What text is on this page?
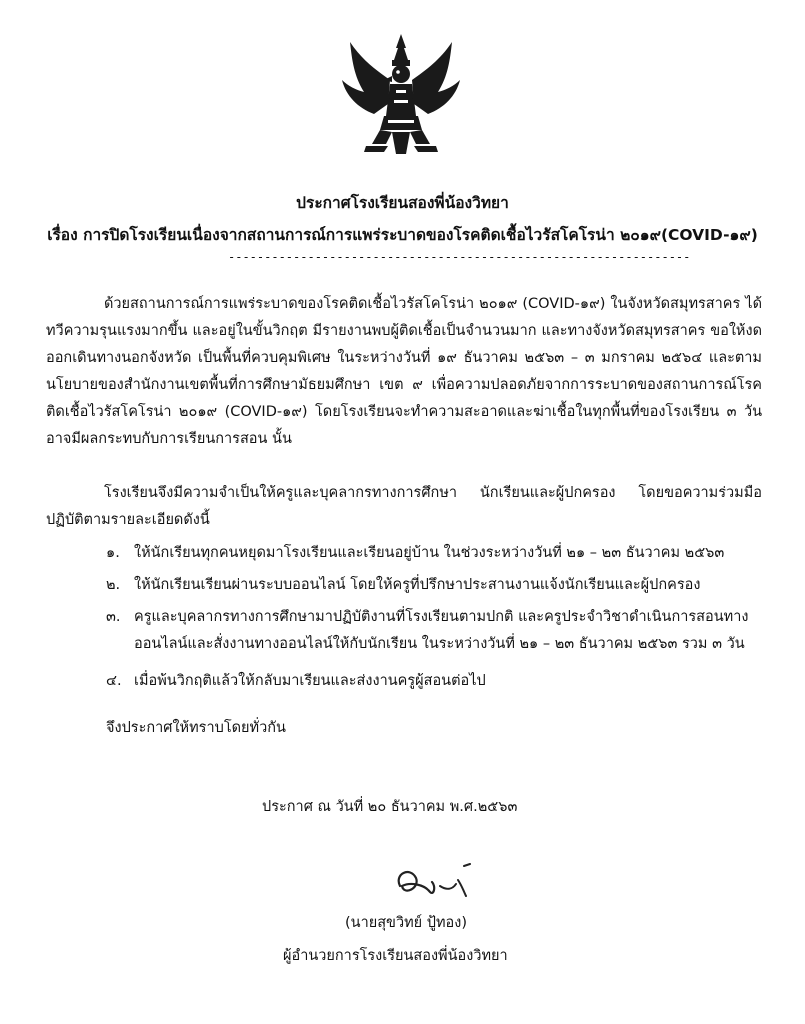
ประกาศโรงเรียนสองพี่น้องวิทยา
เรื่อง การปิดโรงเรียนเนื่องจากสถานการณ์การแพร่ระบาดของโรคติดเชื้อไวรัสโคโรน่า ๒๐๑๙(COVID-๑๙)
----------------------------------------------------------------
ด้วยสถานการณ์การแพร่ระบาดของโรคติดเชื้อไวรัสโคโรน่า ๒๐๑๙ (COVID-๑๙) ในจังหวัดสมุทรสาคร ได้ทวีความรุนแรงมากขึ้น และอยู่ในขั้นวิกฤต มีรายงานพบผู้ติดเชื้อเป็นจำนวนมาก และทางจังหวัดสมุทรสาคร ขอให้งดออกเดินทางนอกจังหวัด เป็นพื้นที่ควบคุมพิเศษ ในระหว่างวันที่ ๑๙ ธันวาคม ๒๕๖๓ – ๓ มกราคม ๒๕๖๔ และตามนโยบายของสำนักงานเขตพื้นที่การศึกษามัธยมศึกษา เขต ๙ เพื่อความปลอดภัยจากการระบาดของสถานการณ์โรคติดเชื้อไวรัสโคโรน่า ๒๐๑๙ (COVID-๑๙) โดยโรงเรียนจะทำความสะอาดและฆ่าเชื้อในทุกพื้นที่ของโรงเรียน ๓ วัน อาจมีผลกระทบกับการเรียนการสอน นั้น
โรงเรียนจึงมีความจำเป็นให้ครูและบุคลากรทางการศึกษา นักเรียนและผู้ปกครอง โดยขอความร่วมมือปฏิบัติตามรายละเอียดดังนี้
๑. ให้นักเรียนทุกคนหยุดมาโรงเรียนและเรียนอยู่บ้าน ในช่วงระหว่างวันที่ ๒๑ – ๒๓ ธันวาคม ๒๕๖๓
๒. ให้นักเรียนเรียนผ่านระบบออนไลน์ โดยให้ครูที่ปรึกษาประสานงานแจ้งนักเรียนและผู้ปกครอง
๓. ครูและบุคลากรทางการศึกษามาปฏิบัติงานที่โรงเรียนตามปกติ และครูประจำวิชาดำเนินการสอนทางออนไลน์และสั่งงานทางออนไลน์ให้กับนักเรียน ในระหว่างวันที่ ๒๑ – ๒๓ ธันวาคม ๒๕๖๓ รวม ๓ วัน
๔. เมื่อพ้นวิกฤติแล้วให้กลับมาเรียนและส่งงานครูผู้สอนต่อไป
จึงประกาศให้ทราบโดยทั่วกัน
ประกาศ ณ วันที่ ๒๐ ธันวาคม พ.ศ.๒๕๖๓
(นายสุขวิทย์ ปู้ทอง)
ผู้อำนวยการโรงเรียนสองพี่น้องวิทยา
